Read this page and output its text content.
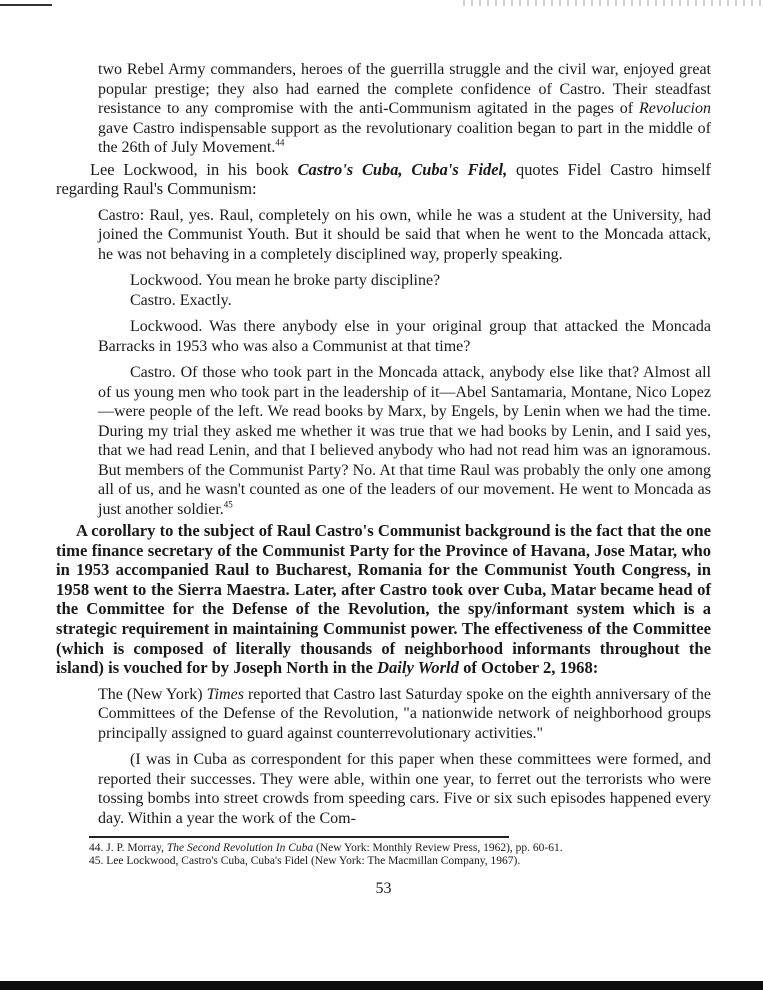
two Rebel Army commanders, heroes of the guerrilla struggle and the civil war, enjoyed great popular prestige; they also had earned the complete confidence of Castro. Their steadfast resistance to any compromise with the anti-Communism agitated in the pages of Revolucion gave Castro indispensable support as the revolutionary coalition began to part in the middle of the 26th of July Movement.$^{44}$

Lee Lockwood, in his book Castro's Cuba, Cuba's Fidel, quotes Fidel Castro himself regarding Raul's Communism:

Castro: Raul, yes. Raul, completely on his own, while he was a student at the University, had joined the Communist Youth. But it should be said that when he went to the Moncada attack, he was not behaving in a completely disciplined way, properly speaking.

Lockwood. You mean he broke party discipline?

Castro. Exactly.

Lockwood. Was there anybody else in your original group that attacked the Moncada Barracks in 1953 who was also a Communist at that time?

Castro. Of those who took part in the Moncada attack, anybody else like that? Almost all of us young men who took part in the leadership of it—Abel Santamaria, Montane, Nico Lopez—were people of the left. We read books by Marx, by Engels, by Lenin when we had the time. During my trial they asked me whether it was true that we had books by Lenin, and I said yes, that we had read Lenin, and that I believed anybody who had not read him was an ignoramous. But members of the Communist Party? No. At that time Raul was probably the only one among all of us, and he wasn't counted as one of the leaders of our movement. He went to Moncada as just another soldier.$^{45}$

A corollary to the subject of Raul Castro's Communist background is the fact that the one time finance secretary of the Communist Party for the Province of Havana, Jose Matar, who in 1953 accompanied Raul to Bucharest, Romania for the Communist Youth Congress, in 1958 went to the Sierra Maestra. Later, after Castro took over Cuba, Matar became head of the Committee for the Defense of the Revolution, the spy/informant system which is a strategic requirement in maintaining Communist power. The effectiveness of the Committee (which is composed of literally thousands of neighborhood informants throughout the island) is vouched for by Joseph North in the Daily World of October 2, 1968:

The (New York) Times reported that Castro last Saturday spoke on the eighth anniversary of the Committees of the Defense of the Revolution, "a nationwide network of neighborhood groups principally assigned to guard against counterrevolutionary activities."

(I was in Cuba as correspondent for this paper when these committees were formed, and reported their successes. They were able, within one year, to ferret out the terrorists who were tossing bombs into street crowds from speeding cars. Five or six such episodes happened every day. Within a year the work of the Com-

44. J. P. Morray, The Second Revolution In Cuba (New York: Monthly Review Press, 1962), pp. 60-61.

45. Lee Lockwood, Castro's Cuba, Cuba's Fidel (New York: The Macmillan Company, 1967).

53
